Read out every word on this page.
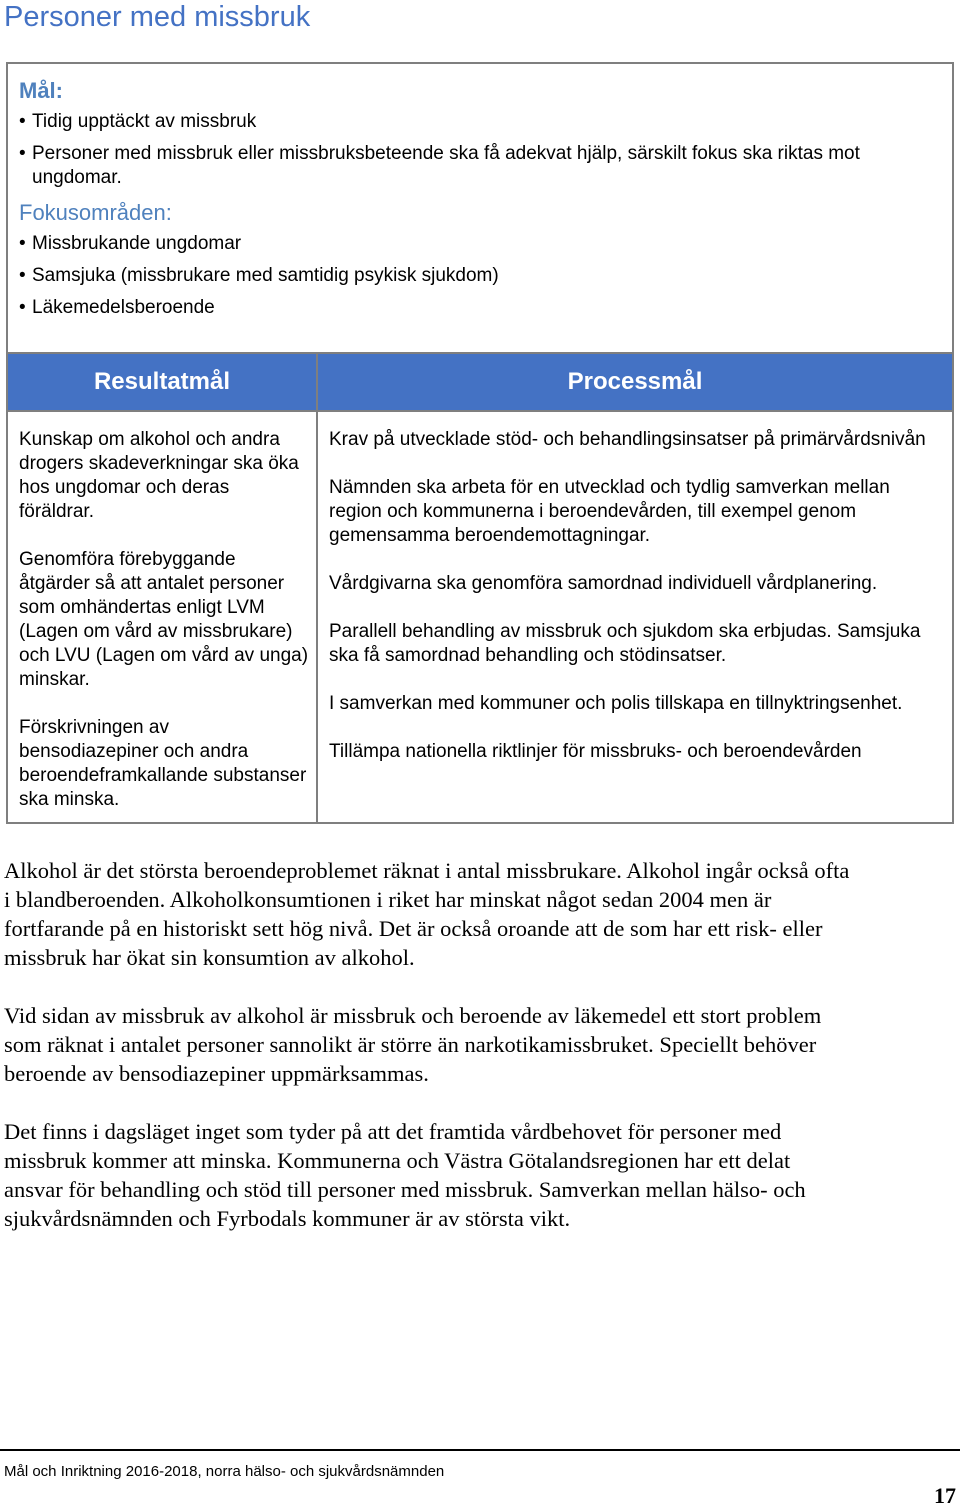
Personer med missbruk
Mål:
• Tidig upptäckt av missbruk
• Personer med missbruk eller missbruksbeteende ska få adekvat hjälp, särskilt fokus ska riktas mot ungdomar.
Fokusområden:
• Missbrukande ungdomar
• Samsjuka (missbrukare med samtidig psykisk sjukdom)
• Läkemedelsberoende
Resultatmål	Processmål

Kunskap om alkohol och andra drogers skadeverkningar ska öka hos ungdomar och deras föräldrar.

Genomföra förebyggande åtgärder så att antalet personer som omhändertas enligt LVM (Lagen om vård av missbrukare) och LVU (Lagen om vård av unga) minskar.

Förskrivningen av bensodiazepiner och andra beroendeframkallande substanser ska minska.

Krav på utvecklade stöd- och behandlingsinsatser på primärvårdsnivån

Nämnden ska arbeta för en utvecklad och tydlig samverkan mellan region och kommunerna i beroendevården, till exempel genom gemensamma beroendemottagningar.

Vårdgivarna ska genomföra samordnad individuell vårdplanering.

Parallell behandling av missbruk och sjukdom ska erbjudas. Samsjuka ska få samordnad behandling och stödinsatser.

I samverkan med kommuner och polis tillskapa en tillnyktringsenhet.

Tillämpa nationella riktlinjer för missbruks- och beroendevården

Alkohol är det största beroendeproblemet räknat i antal missbrukare. Alkohol ingår också ofta i blandberoenden. Alkoholkonsumtionen i riket har minskat något sedan 2004 men är fortfarande på en historiskt sett hög nivå. Det är också oroande att de som har ett risk- eller missbruk har ökat sin konsumtion av alkohol.

Vid sidan av missbruk av alkohol är missbruk och beroende av läkemedel ett stort problem som räknat i antalet personer sannolikt är större än narkotikamissbruket. Speciellt behöver beroende av bensodiazepiner uppmärksammas.

Det finns i dagsläget inget som tyder på att det framtida vårdbehovet för personer med missbruk kommer att minska. Kommunerna och Västra Götalandsregionen har ett delat ansvar för behandling och stöd till personer med missbruk. Samverkan mellan hälso- och sjukvårdsnämnden och Fyrbodals kommuner är av största vikt.

Mål och Inriktning 2016-2018, norra hälso- och sjukvårdsnämnden
17
